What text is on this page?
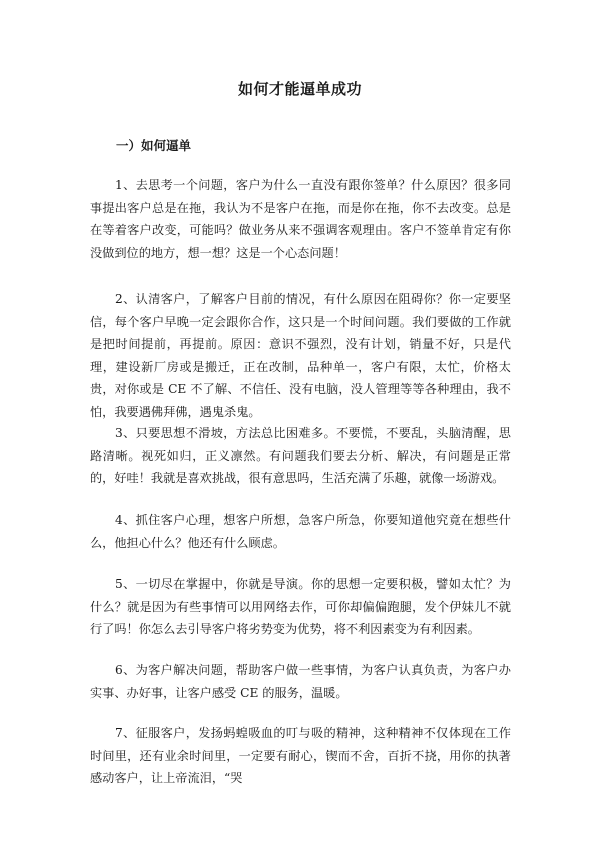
如何才能逼单成功
一）如何逼单

1、去思考一个问题，客户为什么一直没有跟你签单？什么原因？很多同事提出客户总是在拖，我认为不是客户在拖，而是你在拖，你不去改变。总是在等着客户改变，可能吗？做业务从来不强调客观理由。客户不签单肯定有你没做到位的地方，想一想？这是一个心态问题！

2、认清客户，了解客户目前的情况，有什么原因在阻碍你？你一定要坚信，每个客户早晚一定会跟你合作，这只是一个时间问题。我们要做的工作就是把时间提前，再提前。原因：意识不强烈，没有计划，销量不好，只是代理，建设新厂房或是搬迁，正在改制，品种单一，客户有限，太忙，价格太贵，对你或是 CE 不了解、不信任、没有电脑，没人管理等等各种理由，我不怕，我要遇佛拜佛，遇鬼杀鬼。

3、只要思想不滑坡，方法总比困难多。不要慌，不要乱，头脑清醒，思路清晰。视死如归，正义凛然。有问题我们要去分析、解决，有问题是正常的，好哇！我就是喜欢挑战，很有意思吗，生活充满了乐趣，就像一场游戏。

4、抓住客户心理，想客户所想，急客户所急，你要知道他究竟在想些什么，他担心什么？他还有什么顾虑。

5、一切尽在掌握中，你就是导演。你的思想一定要积极，譬如太忙？为什么？就是因为有些事情可以用网络去作，可你却偏偏跑腿，发个伊妹儿不就行了吗！你怎么去引导客户将劣势变为优势，将不利因素变为有利因素。

6、为客户解决问题，帮助客户做一些事情，为客户认真负责，为客户办实事、办好事，让客户感受 CE 的服务，温暖。

7、征服客户，发扬蚂蝗吸血的叮与吸的精神，这种精神不仅体现在工作时间里，还有业余时间里，一定要有耐心，锲而不舍，百折不挠，用你的执著感动客户，让上帝流泪，“哭
